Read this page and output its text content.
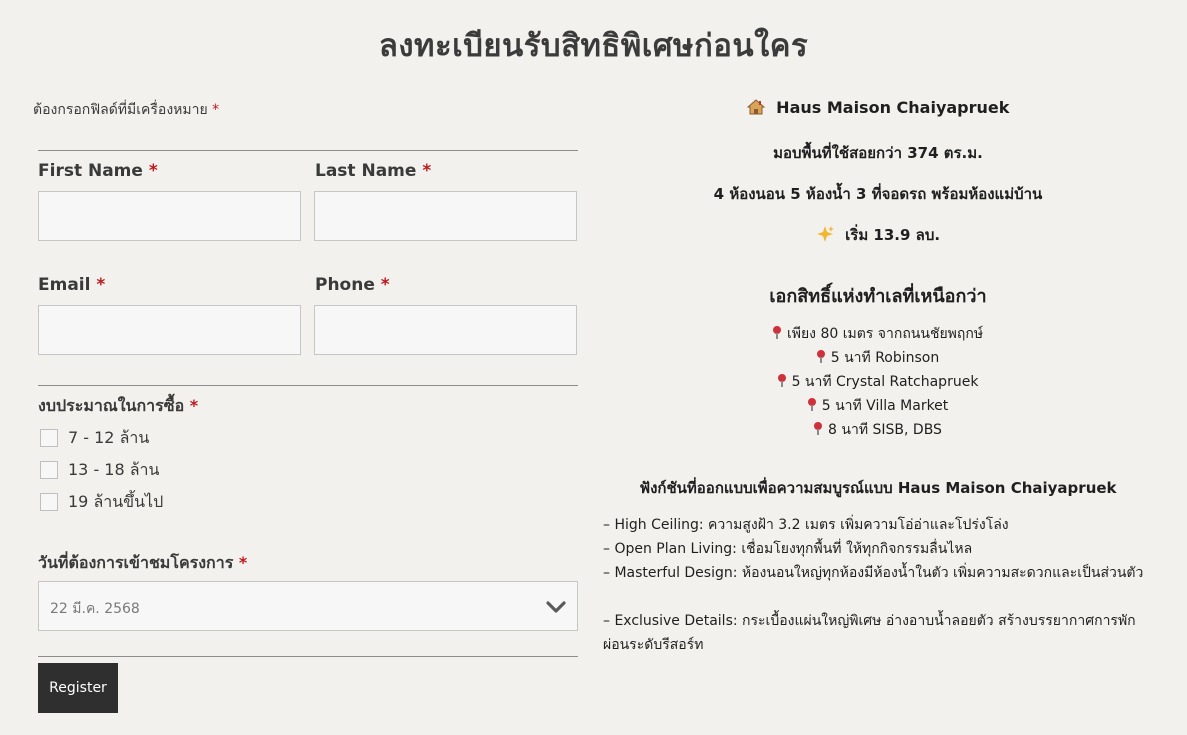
ลงทะเบียนรับสิทธิพิเศษก่อนใคร
ต้องกรอกฟิลด์ที่มีเครื่องหมาย *
First Name *	Last Name *
Email *	Phone *
งบประมาณในการซื้อ *
7 - 12 ล้าน
13 - 18 ล้าน
19 ล้านขึ้นไป
วันที่ต้องการเข้าชมโครงการ *
22 มี.ค. 2568
Register
Haus Maison Chaiyapruek
มอบพื้นที่ใช้สอยกว่า 374 ตร.ม.
4 ห้องนอน 5 ห้องน้ำ 3 ที่จอดรถ พร้อมห้องแม่บ้าน
เริ่ม 13.9 ลบ.
เอกสิทธิ์แห่งทำเลที่เหนือกว่า
เพียง 80 เมตร จากถนนชัยพฤกษ์
5 นาที Robinson
5 นาที Crystal Ratchapruek
5 นาที Villa Market
8 นาที SISB, DBS
ฟังก์ชันที่ออกแบบเพื่อความสมบูรณ์แบบ Haus Maison Chaiyapruek
– High Ceiling: ความสูงฝ้า 3.2 เมตร เพิ่มความโอ่อ่าและโปร่งโล่ง
– Open Plan Living: เชื่อมโยงทุกพื้นที่ ให้ทุกกิจกรรมลื่นไหล
– Masterful Design: ห้องนอนใหญ่ทุกห้องมีห้องน้ำในตัว เพิ่มความสะดวกและเป็นส่วนตัว
– Exclusive Details: กระเบื้องแผ่นใหญ่พิเศษ อ่างอาบน้ำลอยตัว สร้างบรรยากาศการพักผ่อนระดับรีสอร์ท
